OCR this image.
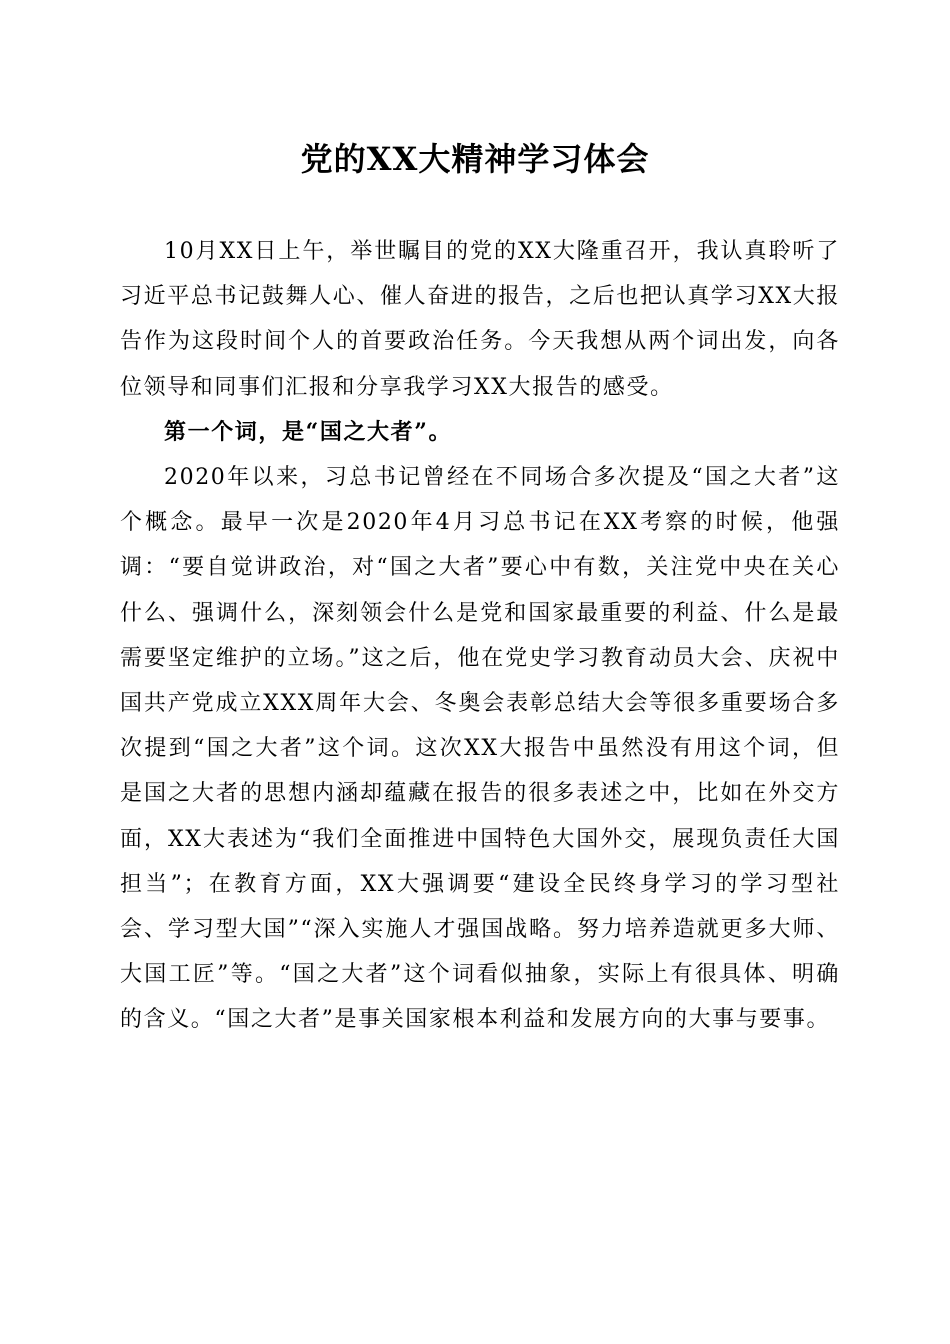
党的XX大精神学习体会

10月XX日上午，举世瞩目的党的XX大隆重召开，我认真聆听了习近平总书记鼓舞人心、催人奋进的报告，之后也把认真学习XX大报告作为这段时间个人的首要政治任务。今天我想从两个词出发，向各位领导和同事们汇报和分享我学习XX大报告的感受。

第一个词，是“国之大者”。

2020年以来，习总书记曾经在不同场合多次提及“国之大者”这个概念。最早一次是2020年4月习总书记在XX考察的时候，他强调：“要自觉讲政治，对“国之大者”要心中有数，关注党中央在关心什么、强调什么，深刻领会什么是党和国家最重要的利益、什么是最需要坚定维护的立场。”这之后，他在党史学习教育动员大会、庆祝中国共产党成立XXX周年大会、冬奥会表彰总结大会等很多重要场合多次提到“国之大者”这个词。这次XX大报告中虽然没有用这个词，但是国之大者的思想内涵却蕴藏在报告的很多表述之中，比如在外交方面，XX大表述为“我们全面推进中国特色大国外交，展现负责任大国担当”；在教育方面，XX大强调要“建设全民终身学习的学习型社会、学习型大国”“深入实施人才强国战略。努力培养造就更多大师、大国工匠”等。“国之大者”这个词看似抽象，实际上有很具体、明确的含义。“国之大者”是事关国家根本利益和发展方向的大事与要事。
